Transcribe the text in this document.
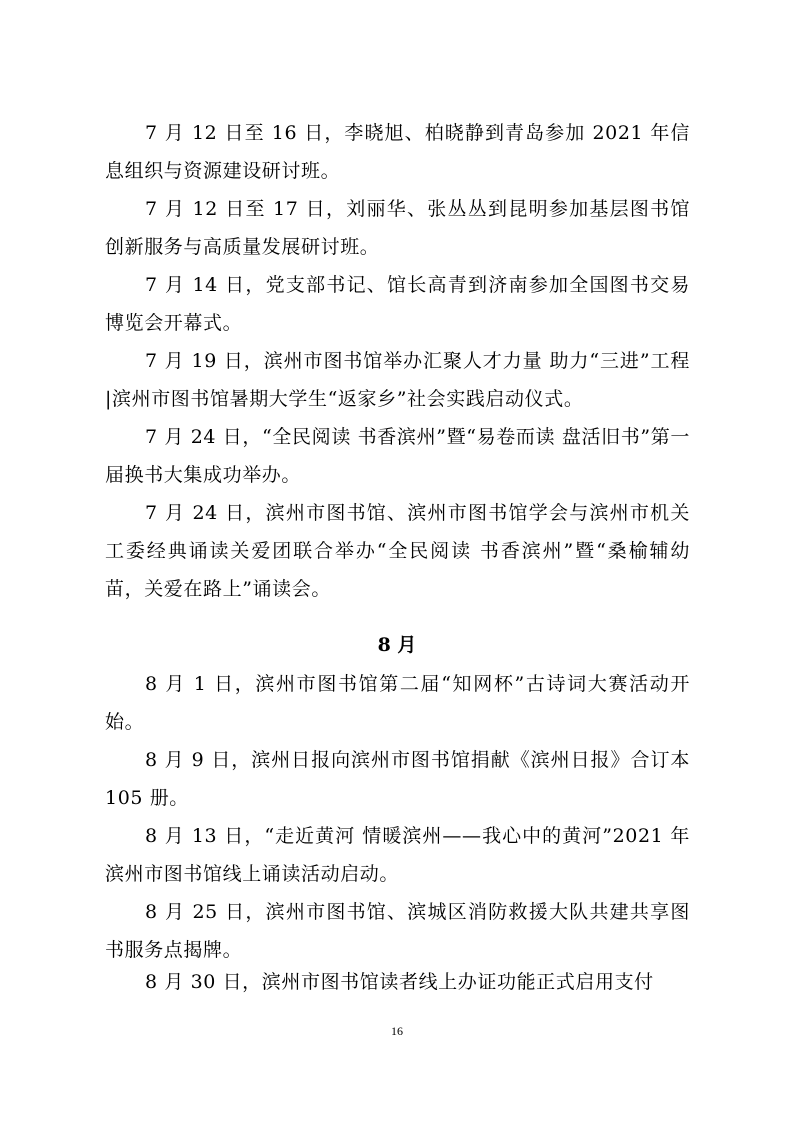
7 月 12 日至 16 日，李晓旭、柏晓静到青岛参加 2021 年信息组织与资源建设研讨班。

7 月 12 日至 17 日，刘丽华、张丛丛到昆明参加基层图书馆创新服务与高质量发展研讨班。

7 月 14 日，党支部书记、馆长高青到济南参加全国图书交易博览会开幕式。

7 月 19 日，滨州市图书馆举办汇聚人才力量 助力“三进”工程 |滨州市图书馆暑期大学生“返家乡”社会实践启动仪式。

7 月 24 日，“全民阅读 书香滨州”暨“易卷而读 盘活旧书”第一届换书大集成功举办。

7 月 24 日，滨州市图书馆、滨州市图书馆学会与滨州市机关工委经典诵读关爱团联合举办“全民阅读 书香滨州”暨“桑榆辅幼苗，关爱在路上”诵读会。

8 月

8 月 1 日，滨州市图书馆第二届“知网杯”古诗词大赛活动开始。

8 月 9 日，滨州日报向滨州市图书馆捐献《滨州日报》合订本 105 册。

8 月 13 日，“走近黄河 情暖滨州——我心中的黄河”2021 年滨州市图书馆线上诵读活动启动。

8 月 25 日，滨州市图书馆、滨城区消防救援大队共建共享图书服务点揭牌。

8 月 30 日，滨州市图书馆读者线上办证功能正式启用支付

16
